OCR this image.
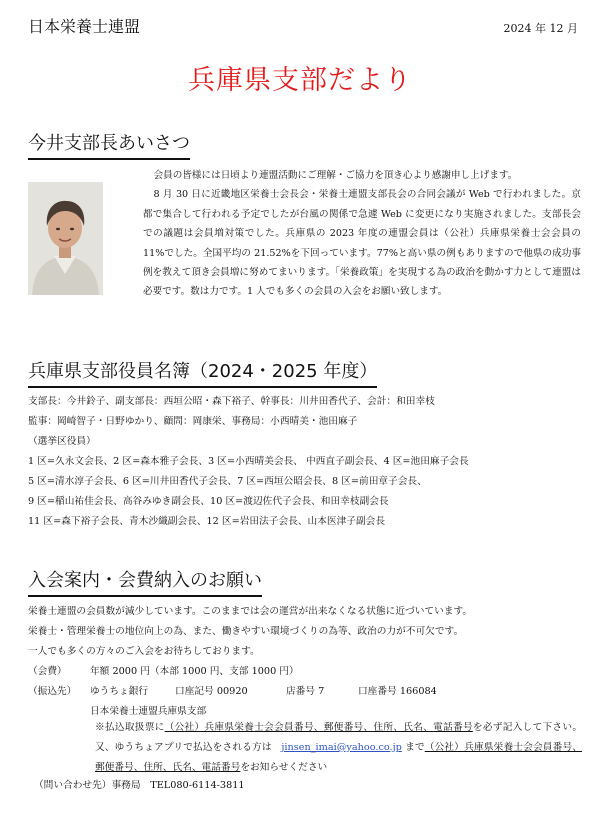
日本栄養士連盟	2024 年 12 月
兵庫県支部だより
今井支部長あいさつ

会員の皆様には日頃より連盟活動にご理解・ご協力を頂き心より感謝申し上げます。

8 月 30 日に近畿地区栄養士会長会・栄養士連盟支部長会の合同会議が Web で行われました。京都で集合して行われる予定でしたが台風の関係で急遽 Web に変更になり実施されました。支部長会での議題は会員増対策でした。兵庫県の 2023 年度の連盟会員は（公社）兵庫県栄養士会会員の 11%でした。全国平均の 21.52%を下回っています。77%と高い県の例もありますので他県の成功事例を教えて頂き会員増に努めてまいります。「栄養政策」を実現する為の政治を動かす力として連盟は必要です。数は力です。1 人でも多くの会員の入会をお願い致します。

兵庫県支部役員名簿（2024・2025 年度）
支部長：今井鈴子、副支部長：西垣公昭・森下裕子、幹事長：川井田香代子、会計：和田幸枝
監事：岡崎智子・日野ゆかり、顧問：岡康栄、事務局：小西晴美・池田麻子
（選挙区役員）
1 区=久永文会長、2 区=森本雅子会長、3 区=小西晴美会長、 中西直子副会長、4 区=池田麻子会長
5 区=清水淳子会長、6 区=川井田香代子会長、7 区=西垣公昭会長、8 区=前田章子会長、
9 区=稲山祐佳会長、高谷みゆき副会長、10 区=渡辺佐代子会長、和田幸枝副会長
11 区=森下裕子会長、青木沙織副会長、12 区=岩田法子会長、山本医津子副会長
入会案内・会費納入のお願い
栄養士連盟の会員数が減少しています。このままでは会の運営が出来なくなる状態に近づいています。
栄養士・管理栄養士の地位向上の為、また、働きやすい環境づくりの為等、政治の力が不可欠です。
一人でも多くの方々のご入会をお待ちしております。
（会費）	年額 2000 円（本部 1000 円、支部 1000 円）
（振込先）	ゆうちょ銀行	口座記号 00920	店番号 7	口座番号 166084
日本栄養士連盟兵庫県支部
※払込取扱票に（公社）兵庫県栄養士会会員番号、郵便番号、住所、氏名、電話番号を必ず記入して下さい。又、ゆうちょアプリで払込をされる方は jinsen_imai@yahoo.co.jp まで（公社）兵庫県栄養士会会員番号、郵便番号、住所、氏名、電話番号をお知らせください
（問い合わせ先）事務局　TEL080-6114-3811
